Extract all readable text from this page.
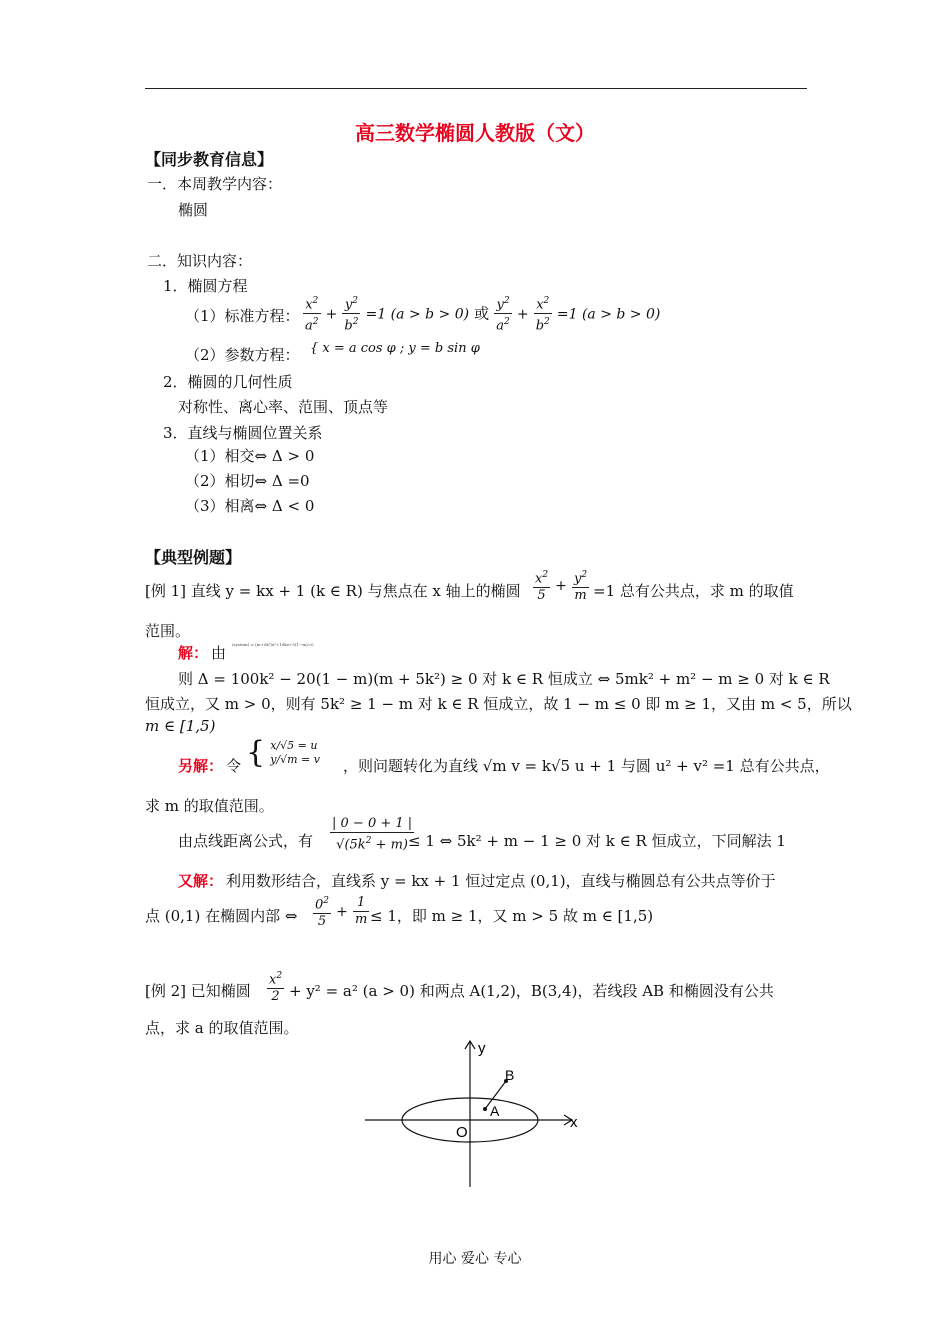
高三数学椭圆人教版（文）
【同步教育信息】
一．本周教学内容：
椭圆
二．知识内容：
1．椭圆方程
（1）标准方程： $\frac{x^2}{a^2} + \frac{y^2}{b^2} =1$ (a > b > 0) 或 $\frac{y^2}{a^2} + \frac{x^2}{b^2} =1$ (a > b > 0)
（2）参数方程： { x = a cos φ ; y = b sin φ
2．椭圆的几何性质
对称性、离心率、范围、顶点等
3．直线与椭圆位置关系
（1）相交⇔ Δ > 0
（2）相切⇔ Δ =0
（3）相离⇔ Δ < 0
【典型例题】
[例 1] 直线 y = kx + 1 (k ∈ R) 与焦点在 x 轴上的椭圆 $\frac{x^2}{5} + \frac{y^2}{m} =1$ 总有公共点，求 m 的取值
范围。
解： 由 (system) ⇒ (m+5k²)x²+10kx+5(1−m)=0
则 Δ = 100k² − 20(1 − m)(m + 5k²) ≥ 0 对 k ∈ R 恒成立 ⇔ 5mk² + m² − m ≥ 0 对 k ∈ R
恒成立，又 m > 0，则有 5k² ≥ 1 − m 对 k ∈ R 恒成立，故 1 − m ≤ 0 即 m ≥ 1，又由 m < 5，所以
m ∈ [1,5)
另解： 令 { x/√5 = u
y/√m = v ，则问题转化为直线 √m v = k√5 u + 1 与圆 u² + v² =1 总有公共点，
求 m 的取值范围。
由点线距离公式，有 $\frac{| 0 - 0 + 1 |}{√(5k^2 + m)}$
≤ 1 ⇔ 5k² + m − 1 ≥ 0 对 k ∈ R 恒成立，下同解法 1
又解： 利用数形结合，直线系 y = kx + 1 恒过定点 (0,1)，直线与椭圆总有公共点等价于
点 (0,1) 在椭圆内部 ⇔ $\frac{0^2}{5} + \frac{1}{m} \le 1$，即 m ≥ 1，又 m > 5 故 m ∈ [1,5)
[例 2] 已知椭圆 $\frac{x^2}{2} + y^2 = a^2$ (a > 0) 和两点 A(1,2)，B(3,4)，若线段 AB 和椭圆没有公共
点，求 a 的取值范围。
y
x
O
A
B
用心 爱心 专心
